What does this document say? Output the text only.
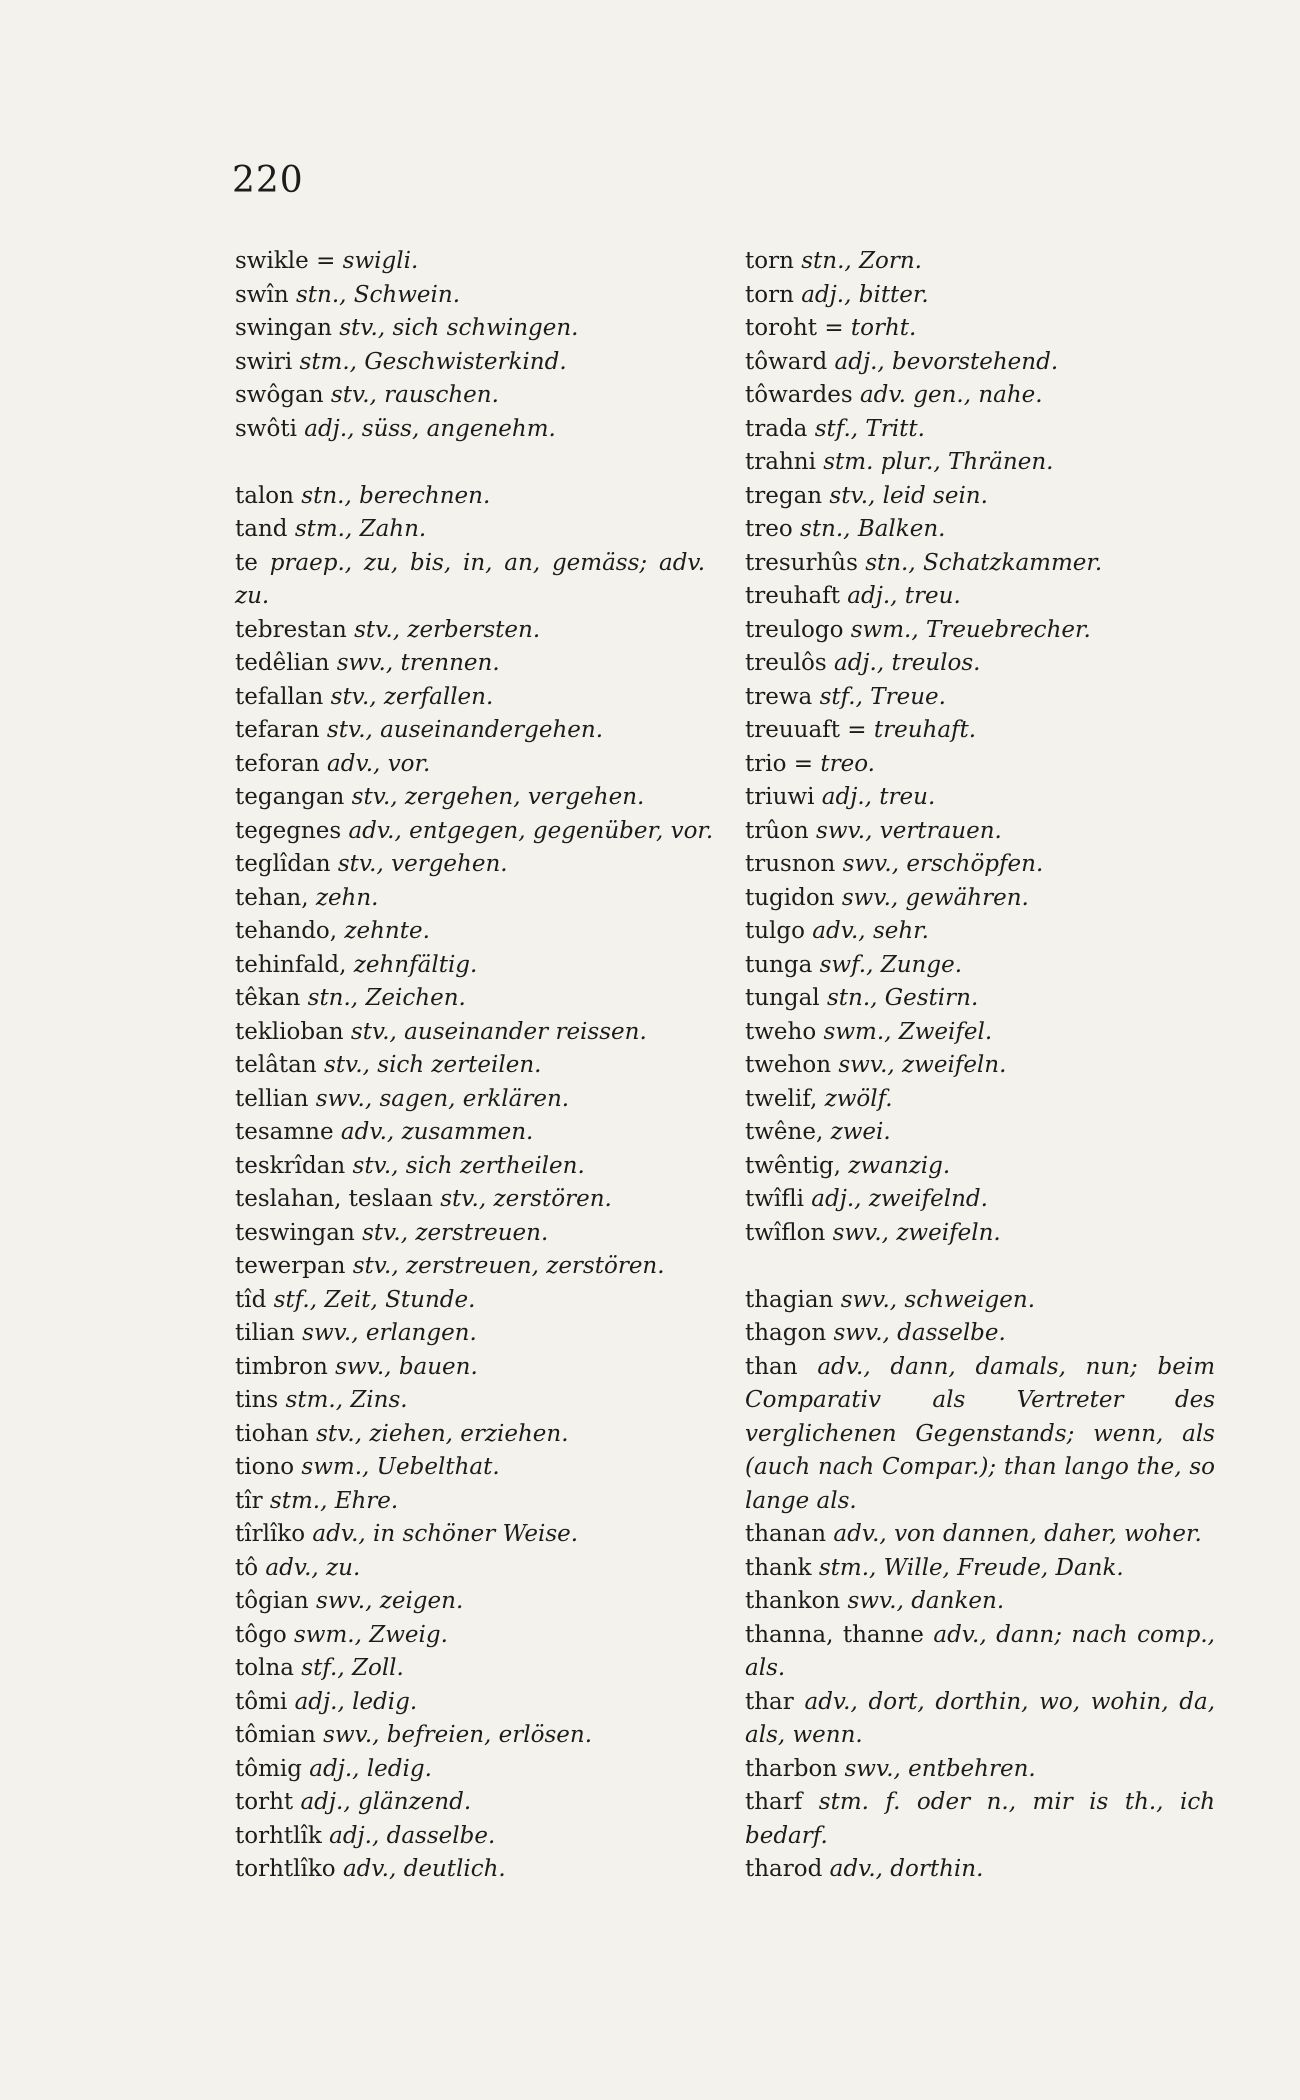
220
swikle = swigli.
swîn stn., Schwein.
swingan stv., sich schwingen.
swiri stm., Geschwisterkind.
swôgan stv., rauschen.
swôti adj., süss, angenehm.
talon stn., berechnen.
tand stm., Zahn.
te praep., zu, bis, in, an, gemäss; adv. zu.
tebrestan stv., zerbersten.
tedêlian swv., trennen.
tefallan stv., zerfallen.
tefaran stv., auseinandergehen.
teforan adv., vor.
tegangan stv., zergehen, vergehen.
tegegnes adv., entgegen, gegenüber, vor.
teglîdan stv., vergehen.
tehan, zehn.
tehando, zehnte.
tehinfald, zehnfältig.
têkan stn., Zeichen.
teklioban stv., auseinander reissen.
telâtan stv., sich zerteilen.
tellian swv., sagen, erklären.
tesamne adv., zusammen.
teskrîdan stv., sich zertheilen.
teslahan, teslaan stv., zerstören.
teswingan stv., zerstreuen.
tewerpan stv., zerstreuen, zerstören.
tîd stf., Zeit, Stunde.
tilian swv., erlangen.
timbron swv., bauen.
tins stm., Zins.
tiohan stv., ziehen, erziehen.
tiono swm., Uebelthat.
tîr stm., Ehre.
tîrlîko adv., in schöner Weise.
tô adv., zu.
tôgian swv., zeigen.
tôgo swm., Zweig.
tolna stf., Zoll.
tômi adj., ledig.
tômian swv., befreien, erlösen.
tômig adj., ledig.
torht adj., glänzend.
torhtlîk adj., dasselbe.
torhtlîko adv., deutlich.
torn stn., Zorn.
torn adj., bitter.
toroht = torht.
tôward adj., bevorstehend.
tôwardes adv. gen., nahe.
trada stf., Tritt.
trahni stm. plur., Thränen.
tregan stv., leid sein.
treo stn., Balken.
tresurhûs stn., Schatzkammer.
treuhaft adj., treu.
treulogo swm., Treuebrecher.
treulôs adj., treulos.
trewa stf., Treue.
treuuaft = treuhaft.
trio = treo.
triuwi adj., treu.
trûon swv., vertrauen.
trusnon swv., erschöpfen.
tugidon swv., gewähren.
tulgo adv., sehr.
tunga swf., Zunge.
tungal stn., Gestirn.
tweho swm., Zweifel.
twehon swv., zweifeln.
twelif, zwölf.
twêne, zwei.
twêntig, zwanzig.
twîfli adj., zweifelnd.
twîflon swv., zweifeln.
thagian swv., schweigen.
thagon swv., dasselbe.
than adv., dann, damals, nun; beim Comparativ als Vertreter des verglichenen Gegenstands; wenn, als (auch nach Compar.); than lango the, so lange als.
thanan adv., von dannen, daher, woher.
thank stm., Wille, Freude, Dank.
thankon swv., danken.
thanna, thanne adv., dann; nach comp., als.
thar adv., dort, dorthin, wo, wohin, da, als, wenn.
tharbon swv., entbehren.
tharf stm. f. oder n., mir is th., ich bedarf.
tharod adv., dorthin.
